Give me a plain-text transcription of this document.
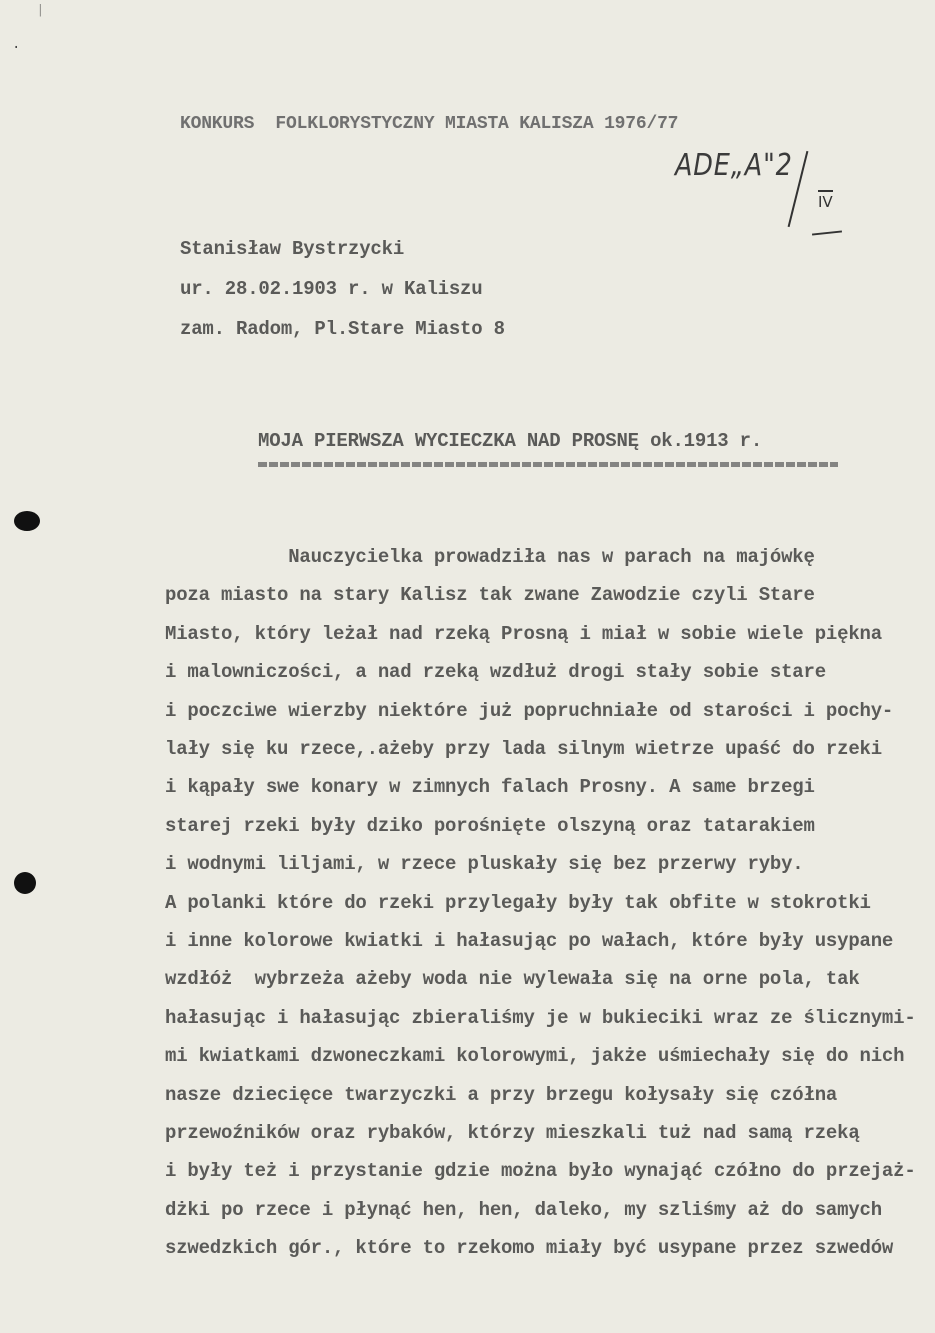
ᛁ
·
KONKURS  FOLKLORYSTYCZNY MIASTA KALISZA 1976/77
ADE„A"2
IV
Stanisław Bystrzycki
ur. 28.02.1903 r. w Kaliszu
zam. Radom, Pl.Stare Miasto 8
MOJA PIERWSZA WYCIECZKA NAD PROSNĘ ok.1913 r.
Nauczycielka prowadziła nas w parach na majówkę
poza miasto na stary Kalisz tak zwane Zawodzie czyli Stare
Miasto, który leżał nad rzeką Prosną i miał w sobie wiele piękna
i malowniczości, a nad rzeką wzdłuż drogi stały sobie stare
i poczciwe wierzby niektóre już popruchniałe od starości i pochy-
lały się ku rzece,.ażeby przy lada silnym wietrze upaść do rzeki
i kąpały swe konary w zimnych falach Prosny. A same brzegi
starej rzeki były dziko porośnięte olszyną oraz tatarakiem
i wodnymi liljami, w rzece pluskały się bez przerwy ryby.
A polanki które do rzeki przylegały były tak obfite w stokrotki
i inne kolorowe kwiatki i hałasując po wałach, które były usypane
wzdłóż  wybrzeża ażeby woda nie wylewała się na orne pola, tak
hałasując i hałasując zbieraliśmy je w bukieciki wraz ze ślicznymi-
mi kwiatkami dzwoneczkami kolorowymi, jakże uśmiechały się do nich
nasze dziecięce twarzyczki a przy brzegu kołysały się czółna
przewoźników oraz rybaków, którzy mieszkali tuż nad samą rzeką
i były też i przystanie gdzie można było wynająć czółno do przejaż-
dżki po rzece i płynąć hen, hen, daleko, my szliśmy aż do samych
szwedzkich gór., które to rzekomo miały być usypane przez szwedów
